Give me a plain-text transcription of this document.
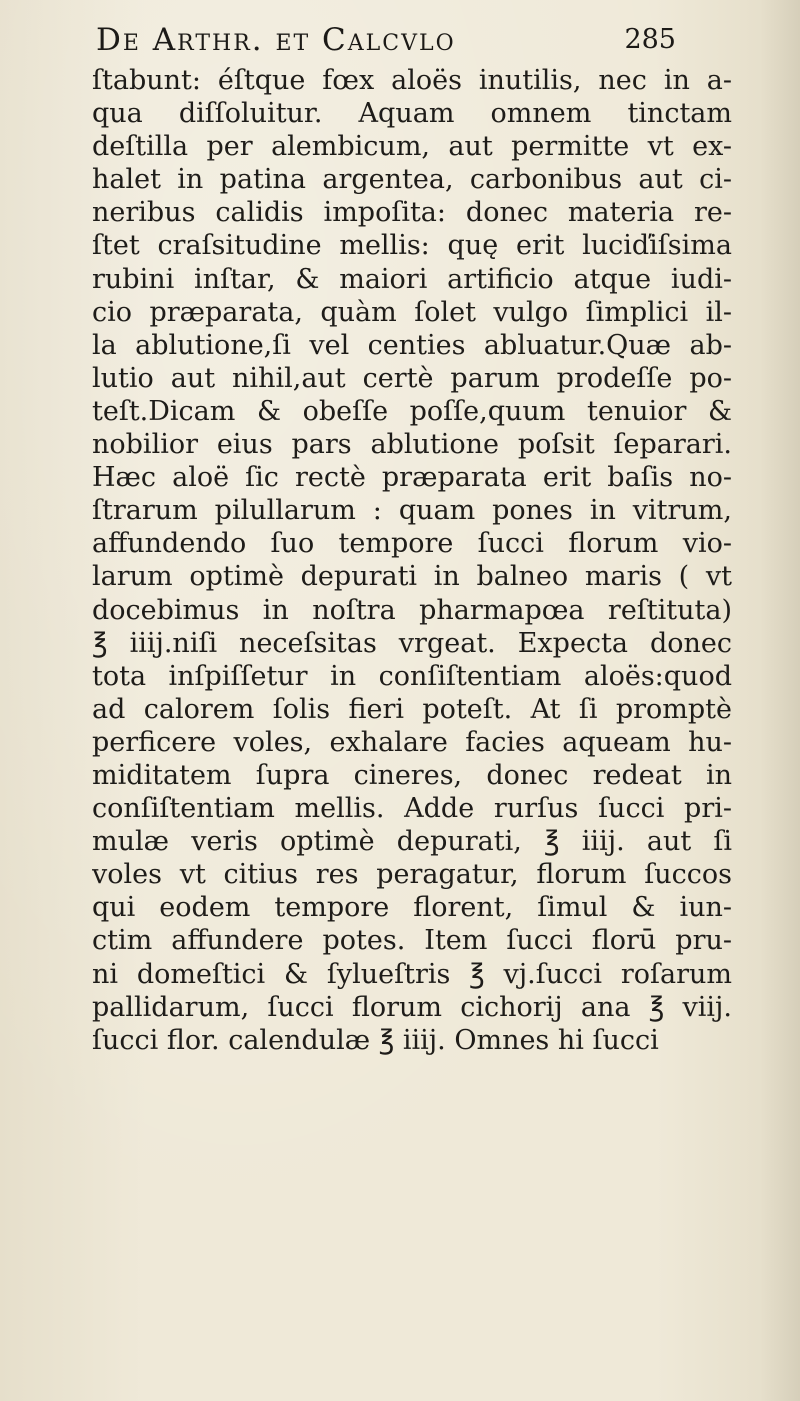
De Arthr. et Calcvlo	285
ſtabunt: éſtque fœx aloës inutilis, nec in a-
qua diſſoluitur. Aquam omnem tinctam
deſtilla per alembicum, aut permitte vt ex-
halet in patina argentea, carbonibus aut ci-
neribus calidis impoſita: donec materia re-
ſtet craſsitudine mellis: quę erit luciďiſsima
rubini inſtar, & maiori artificio atque iudi-
cio præparata, quàm ſolet vulgo ſimplici il-
la ablutione,ſi vel centies abluatur.Quæ ab-
lutio aut nihil,aut certè parum prodeſſe po-
teſt.Dicam & obeſſe poſſe,quum tenuior &
nobilior eius pars ablutione poſsit ſeparari.
Hæc aloë ſic rectè præparata erit baſis no-
ſtrarum pilullarum : quam pones in vitrum,
affundendo ſuo tempore ſucci florum vio-
larum optimè depurati in balneo maris ( vt
docebimus in noſtra pharmapœa reſtituta)
℥ iiij.niſi neceſsitas vrgeat. Expecta donec
tota inſpiſſetur in conſiſtentiam aloës:quod
ad calorem ſolis fieri poteſt. At ſi promptè
perficere voles, exhalare facies aqueam hu-
miditatem ſupra cineres, donec redeat in
conſiſtentiam mellis. Adde rurſus ſucci pri-
mulæ veris optimè depurati, ℥ iiij. aut ſi
voles vt citius res peragatur, florum ſuccos
qui eodem tempore florent, ſimul & iun-
ctim affundere potes. Item ſucci florū pru-
ni domeſtici & ſylueſtris ℥ vj.ſucci roſarum
pallidarum, ſucci florum cichorij ana ℥ viij.
ſucci flor. calendulæ ℥ iiij. Omnes hi ſucci
